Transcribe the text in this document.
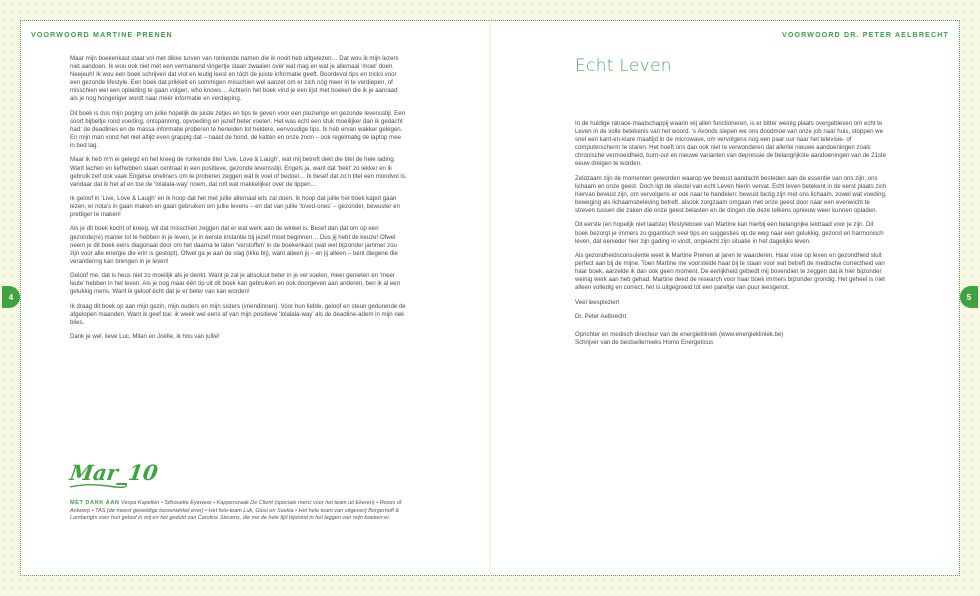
VOORWOORD MARTINE PRENEN	VOORWOORD DR. PETER AELBRECHT
4	5

Maar mijn boekenkast staat vol met dikke turven van ronkende namen die ik nooit heb uitgelezen… Dat wou ik mijn lezers niet aandoen. Ik wou ook niet met een vermanend vingertje staan zwaaien over wat mag en wat je allemaal ‘moet’ doen. Neejeuh! Ik wou een boek schrijven dat vlot en leutig leest en tóch de juiste informatie geeft. Boordevol tips en tricks voor een gezonde lifestyle. Een boek dat prikkelt en sommigen misschien wel aanzet om er zich nóg meer in te verdiepen, of misschien wel een opleiding te gaan volgen, who knows… Achterin het boek vind je een lijst met boeken die ik je aanraad als je nog hongeriger wordt naar méér informatie en verdieping.

Dit boek is dus mijn poging om jullie hopelijk de juiste zetjes en tips te geven voor een plezierige en gezonde levensstijl. Een soort bijbeltje rond voeding, ontspanning, opvoeding en jezelf beter voelen. Het was echt een stuk moeilijker dan ik gedacht had: de deadlines en de massa informatie proberen te herleiden tot heldere, eenvoudige tips. Ik heb ervan wakker gelegen. En mijn man vond het niet altijd even grappig dat – naast de hond, de katten en onze zoon – ook regelmatig de laptop mee in bed lag.

Maar ik heb m'n ei gelegd en het kreeg de ronkende titel ‘Live, Love & Laugh’, wat mij betreft dekt die titel de hele lading. Want lachen en liefhebben staan centraal in een positieve, gezonde levensstijl. Engels ja, want dat ‘bekt’ zo lekker en ik gebruik zelf ook vaak Engelse oneliners om te proberen zeggen wat ik voel of bedoel… Ik besef dat zo'n titel een mondvol is, vandaar dat ik het af en toe de ‘lolalala-way’ noem, dat rolt wat makkelijker over de lippen…

Ik geloof in ‘Live, Love & Laugh’ en ik hoop dat het met jullie allemaal iets zal doen. Ik hoop dat jullie het boek kapot gaan lezen, er nota's in gaan maken en gaan gebruiken om jullie levens – en dat van jullie ‘loved-ones’ – gezonder, bewuster en prettiger te maken!

Als je dit boek kocht of kreeg, wil dat misschien zeggen dat er wat werk aan de winkel is. Besef dan dat om op een gezonde(re) manier lol te hebben in je leven, je in eerste instantie bij jezelf moet beginnen… Dus jij hebt de keuze! Ofwel neem je dit boek eens diagonaal door om het daarna te laten ‘verstoffen’ in de boekenkast (wat wel bijzonder jammer zou zijn voor alle energie die erin is gestopt). Ofwel ga je aan de slag (ikke bij), want alleen jij – en jij alleen – bent diegene die verandering kan brengen in je leven!

Geloof me, dat is heus niet zo moeilijk als je denkt. Want je zal je absoluut beter in je vel voelen, meer genieten en ‘meer leute’ hebben in het leven. Als je nog maar één tip uit dit boek kan gebruiken en ook doorgeven aan anderen, ben ik al een gelukkig mens. Want ik geloof écht dat je er beter van kan worden!

Ik draag dit boek op aan mijn gezin, mijn ouders en mijn sisters (vriendinnen). Voor hun liefde, geloof en steun gedurende de afgelopen maanden. Want ik geef toe: ik week wel eens af van mijn positieve ‘lolalala-way’ als de deadline-adem in mijn nek blies.

Dank je wel, lieve Luc, Milan en Joëlle, ik hou van jullie!

Mar_10
MET DANK AAN Vespa Kapellen • Silhouette Eyewear • Kapperszaak De Client (speciale merci voor het team uit Ekeren) • Roses of Antwerp • TAS (de meest geweldige tasserwinkel ever) • Het foto-team Luk, Giusi en Saskia • Het hele team van uitgeverij Borgerhoff & Lamberigts voor hun geloof in mij en het geduld van Caroline Stevens, die me de hele tijd bijstond in het leggen van mijn boeken-ei.
Echt Leven

In de huidige ratrace-maatschappij waarin wij allen functioneren, is er bitter weinig plaats overgebleven om echt te Leven in de volle betekenis van het woord. 's Avonds slepen we ons doodmoe van onze job naar huis, stoppen we snel een kant-en-klare maaltijd in de microwave, om vervolgens nog een paar uur naar het televisie- of computerscherm te staren. Het hoeft ons dan ook niet te verwonderen dat allerlei nieuwe aandoeningen zoals chronische vermoeidheid, burn-out en nieuwe varianten van depressie de belangrijkste aandoeningen van de 21ste eeuw dreigen te worden.

Zeldzaam zijn de momenten geworden waarop we bewust aandacht besteden aan de essentie van ons zijn: ons lichaam en onze geest. Doch ligt de sleutel van echt Leven hierin vervat. Echt leven betekent in de eerst plaats zich hiervan bewust zijn, om vervolgens er ook naar te handelen: bewust bezig zijn met ons lichaam, zowel wat voeding, beweging als lichaamsbeleving betreft. alsook zorgzaam omgaan met onze geest door naar een evenwicht te streven tussen die zaken die onze geest belasten en de dingen die deze telkens opnieuw weer kunnen opladen.

Dit eerste (en hopelijk niet laatste) lifestyleboek van Martine kan hierbij een belangrijke leidraad voor je zijn. Dit boek bezorgt je immers zo gigantisch veel tips en suggesties op de weg naar een gelukkig, gezond en harmonisch leven, dat eenieder hier zijn gading in vindt, ongeacht zijn situatie in het dagelijks leven.

Als gezondheidsconsulente weet ik Martine Prenen al jaren te waarderen. Haar visie op leven en gezondheid sluit perfect aan bij de mijne. Toen Martine me voorstelde haar bij te staan voor wat betreft de medische correctheid van haar boek, aarzelde ik dan ook geen moment. De eerlijkheid gebiedt mij bovendien te zeggen dat ik hier bijzonder weinig werk aan heb gehad. Martine deed de research voor haar boek immers bijzonder grondig. Het geheel is niet alleen volledig en correct, het is uitgegroeid tot een pareltje van puur leesgenot.

Veel leesplezier!

Dr. Peter Aelbrecht

Oprichter en medisch directeur van de energiekliniek (www.energiekliniek.be)
Schrijver van de bestsellerreeks Homo Energeticus
